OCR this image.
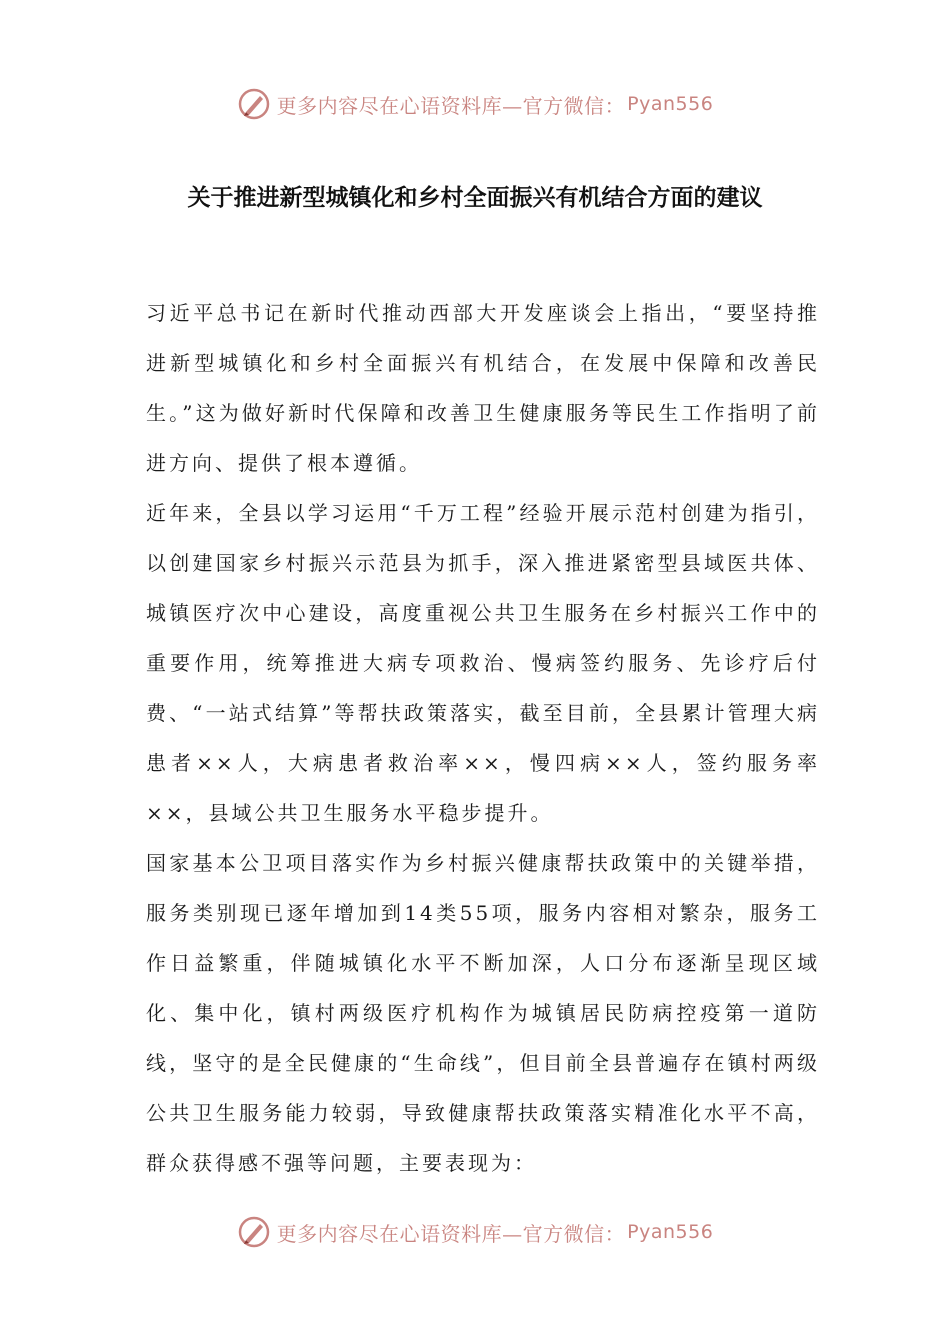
更多内容尽在心语资料库—官方微信： Pyan556
关于推进新型城镇化和乡村全面振兴有机结合方面的建议

习近平总书记在新时代推动西部大开发座谈会上指出，“要坚持推进新型城镇化和乡村全面振兴有机结合，在发展中保障和改善民生。”这为做好新时代保障和改善卫生健康服务等民生工作指明了前进方向、提供了根本遵循。

近年来，全县以学习运用“千万工程”经验开展示范村创建为指引，以创建国家乡村振兴示范县为抓手，深入推进紧密型县域医共体、城镇医疗次中心建设，高度重视公共卫生服务在乡村振兴工作中的重要作用，统筹推进大病专项救治、慢病签约服务、先诊疗后付费、“一站式结算”等帮扶政策落实，截至目前，全县累计管理大病患者××人，大病患者救治率××，慢四病××人，签约服务率××，县域公共卫生服务水平稳步提升。

国家基本公卫项目落实作为乡村振兴健康帮扶政策中的关键举措，服务类别现已逐年增加到14类55项，服务内容相对繁杂，服务工作日益繁重，伴随城镇化水平不断加深，人口分布逐渐呈现区域化、集中化，镇村两级医疗机构作为城镇居民防病控疫第一道防线，坚守的是全民健康的“生命线”，但目前全县普遍存在镇村两级公共卫生服务能力较弱，导致健康帮扶政策落实精准化水平不高，群众获得感不强等问题，主要表现为：

更多内容尽在心语资料库—官方微信： Pyan556
